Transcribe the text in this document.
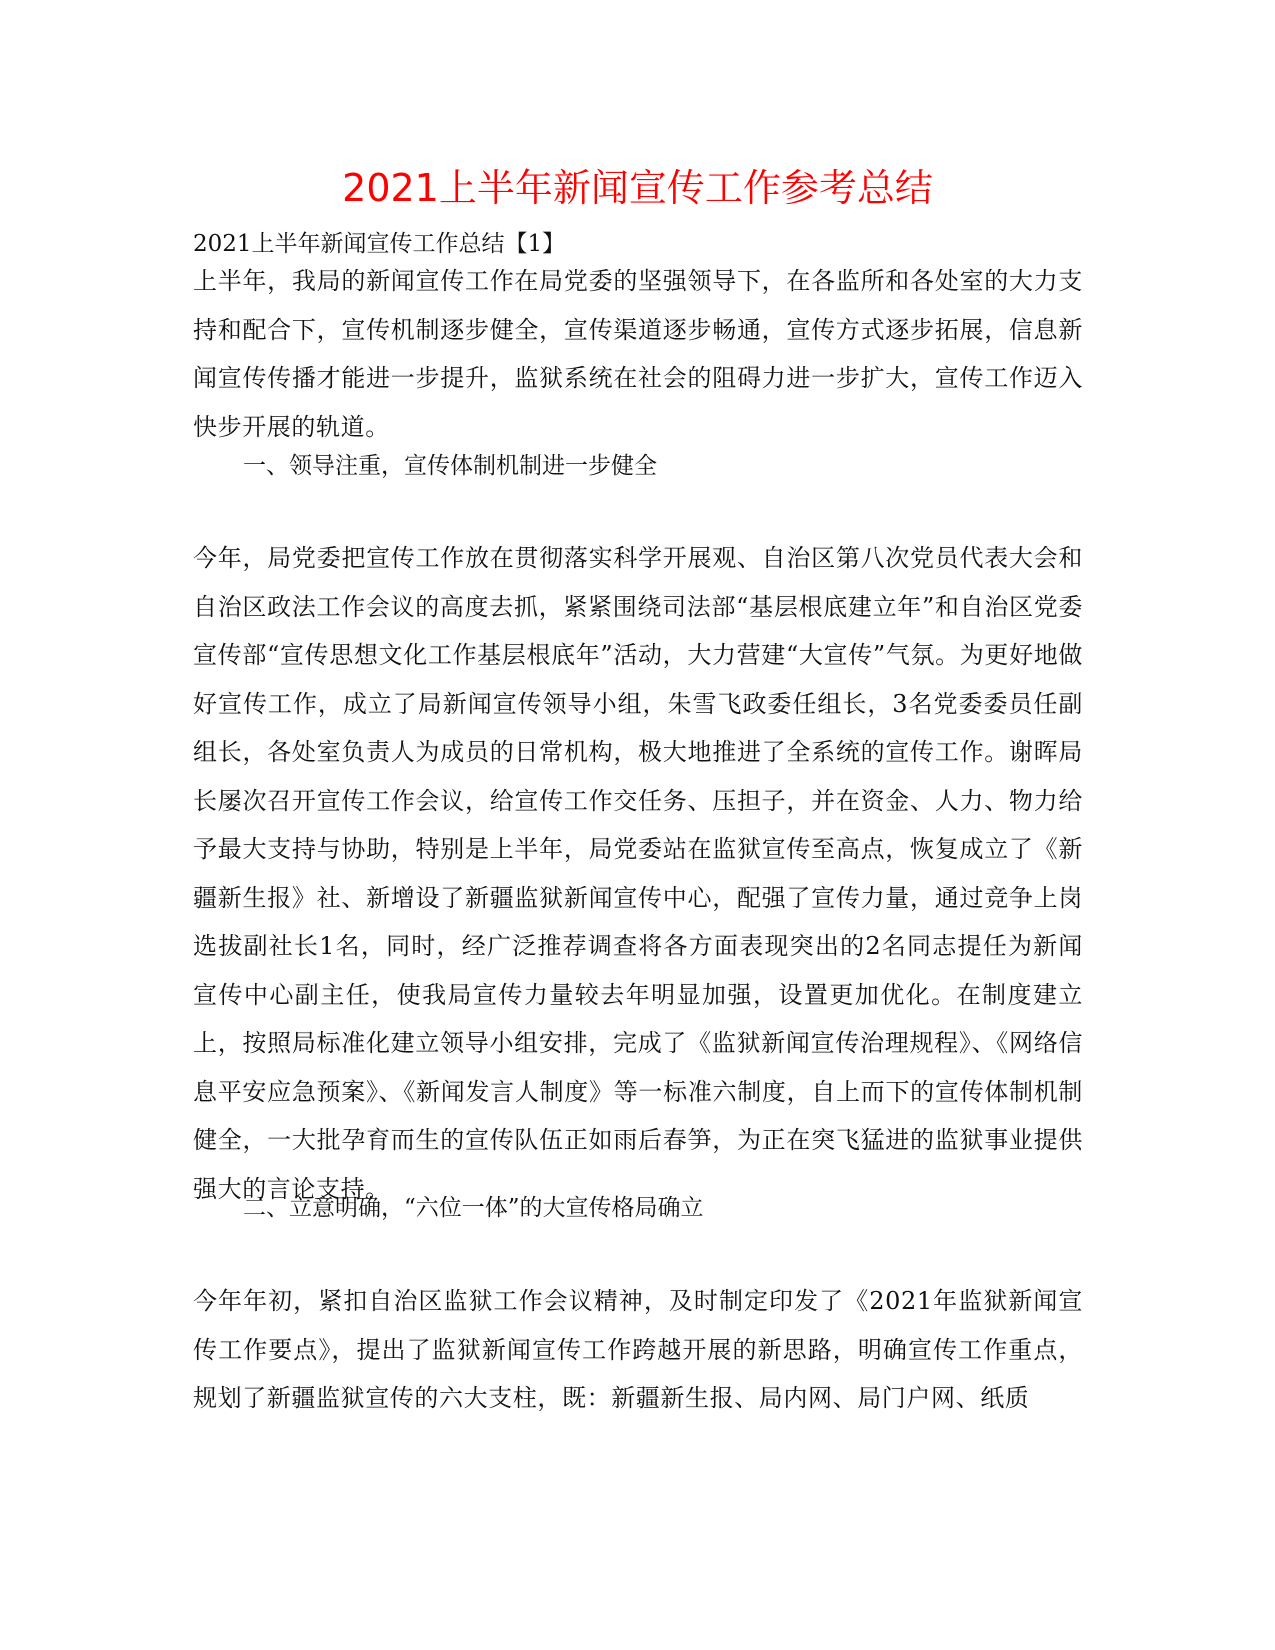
2021上半年新闻宣传工作参考总结

2021上半年新闻宣传工作总结【1】

上半年，我局的新闻宣传工作在局党委的坚强领导下，在各监所和各处室的大力支持和配合下，宣传机制逐步健全，宣传渠道逐步畅通，宣传方式逐步拓展，信息新闻宣传传播才能进一步提升，监狱系统在社会的阻碍力进一步扩大，宣传工作迈入快步开展的轨道。

一、领导注重，宣传体制机制进一步健全

今年，局党委把宣传工作放在贯彻落实科学开展观、自治区第八次党员代表大会和自治区政法工作会议的高度去抓，紧紧围绕司法部“基层根底建立年”和自治区党委宣传部“宣传思想文化工作基层根底年”活动，大力营建“大宣传”气氛。为更好地做好宣传工作，成立了局新闻宣传领导小组，朱雪飞政委任组长，3名党委委员任副组长，各处室负责人为成员的日常机构，极大地推进了全系统的宣传工作。谢晖局长屡次召开宣传工作会议，给宣传工作交任务、压担子，并在资金、人力、物力给予最大支持与协助，特别是上半年，局党委站在监狱宣传至高点，恢复成立了《新疆新生报》社、新增设了新疆监狱新闻宣传中心，配强了宣传力量，通过竞争上岗选拔副社长1名，同时，经广泛推荐调查将各方面表现突出的2名同志提任为新闻宣传中心副主任，使我局宣传力量较去年明显加强，设置更加优化。在制度建立上，按照局标准化建立领导小组安排，完成了《监狱新闻宣传治理规程》、《网络信息平安应急预案》、《新闻发言人制度》等一标准六制度，自上而下的宣传体制机制健全，一大批孕育而生的宣传队伍正如雨后春笋，为正在突飞猛进的监狱事业提供强大的言论支持。

二、立意明确，“六位一体”的大宣传格局确立

今年年初，紧扣自治区监狱工作会议精神，及时制定印发了《2021年监狱新闻宣传工作要点》，提出了监狱新闻宣传工作跨越开展的新思路，明确宣传工作重点，规划了新疆监狱宣传的六大支柱，既：新疆新生报、局内网、局门户网、纸质
